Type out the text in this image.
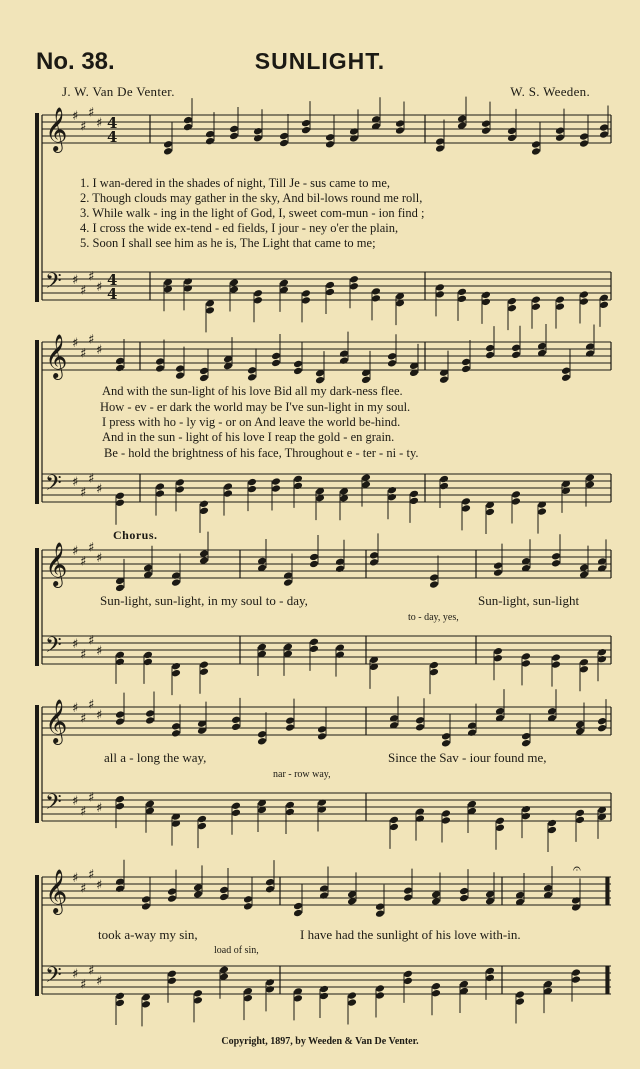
No. 38.	SUNLIGHT.
J. W. Van De Venter.	W. S. Weeden.
𝄞 ♯
♯
♯
♯ 4
4
𝄢 ♯
♯
♯
♯ 4
4
𝄞 ♯
♯
♯
♯
𝄢 ♯
♯
♯
♯
𝄞 ♯
♯
♯
♯
𝄢 ♯
♯
♯
♯
𝄞 ♯
♯
♯
♯
𝄢 ♯
♯
♯
♯
𝄞 ♯
♯
♯
♯
𝄢 ♯
♯
♯
♯
𝄐
1. I wan-dered in the shades of night, Till Je - sus came to me,
2. Though clouds may gather in the sky, And bil-lows round me roll,
3. While walk - ing in the light of God, I, sweet com-mun - ion find ;
4. I cross the wide ex-tend - ed fields, I jour - ney o'er the plain,
5. Soon I shall see him as he is, The Light that came to me;
And with the sun-light of his love Bid all my dark-ness flee.
How - ev - er dark the world may be I've sun-light in my soul.
I press with ho - ly vig - or on And leave the world be-hind.
And in the sun - light of his love I reap the gold - en grain.
Be - hold the brightness of his face, Throughout e - ter - ni - ty.
Chorus.
Sun-light, sun-light, in my soul to - day,
to - day, yes,
Sun-light, sun-light
all a - long the way,
nar - row way,
Since the Sav - iour found me,
took a-way my sin,
load of sin,
I have had the sunlight of his love with-in.
Copyright, 1897, by Weeden & Van De Venter.
